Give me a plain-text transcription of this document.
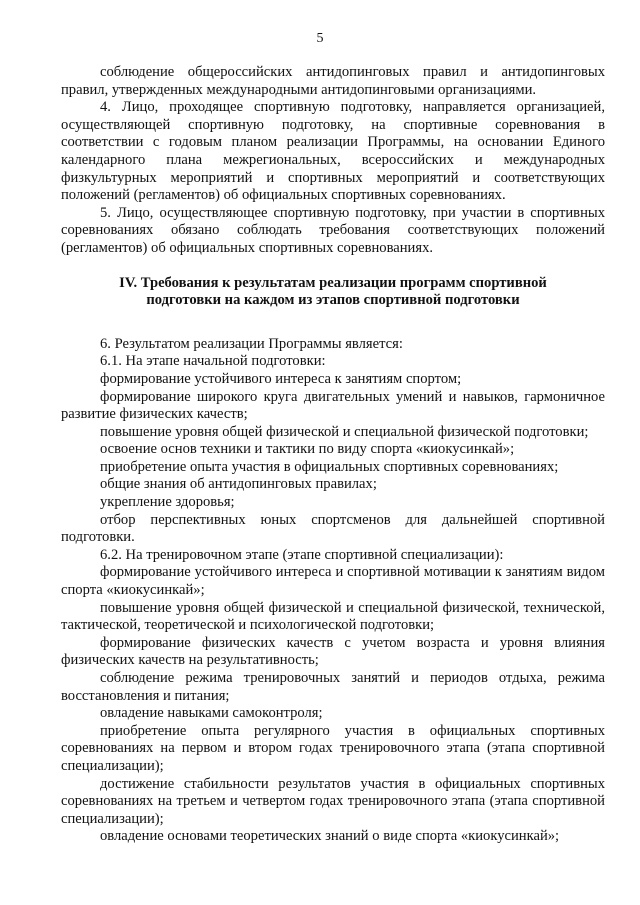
5

соблюдение общероссийских антидопинговых правил и антидопинговых правил, утвержденных международными антидопинговыми организациями.

4. Лицо, проходящее спортивную подготовку, направляется организацией, осуществляющей спортивную подготовку, на спортивные соревнования в соответствии с годовым планом реализации Программы, на основании Единого календарного плана межрегиональных, всероссийских и международных физкультурных мероприятий и спортивных мероприятий и соответствующих положений (регламентов) об официальных спортивных соревнованиях.

5. Лицо, осуществляющее спортивную подготовку, при участии в спортивных соревнованиях обязано соблюдать требования соответствующих положений (регламентов) об официальных спортивных соревнованиях.

IV. Требования к результатам реализации программ спортивной
подготовки на каждом из этапов спортивной подготовки

6. Результатом реализации Программы является:

6.1. На этапе начальной подготовки:

формирование устойчивого интереса к занятиям спортом;

формирование широкого круга двигательных умений и навыков, гармоничное развитие физических качеств;

повышение уровня общей физической и специальной физической подготовки;

освоение основ техники и тактики по виду спорта «киокусинкай»;

приобретение опыта участия в официальных спортивных соревнованиях;

общие знания об антидопинговых правилах;

укрепление здоровья;

отбор перспективных юных спортсменов для дальнейшей спортивной подготовки.

6.2. На тренировочном этапе (этапе спортивной специализации):

формирование устойчивого интереса и спортивной мотивации к занятиям видом спорта «киокусинкай»;

повышение уровня общей физической и специальной физической, технической, тактической, теоретической и психологической подготовки;

формирование физических качеств с учетом возраста и уровня влияния физических качеств на результативность;

соблюдение режима тренировочных занятий и периодов отдыха, режима восстановления и питания;

овладение навыками самоконтроля;

приобретение опыта регулярного участия в официальных спортивных соревнованиях на первом и втором годах тренировочного этапа (этапа спортивной специализации);

достижение стабильности результатов участия в официальных спортивных соревнованиях на третьем и четвертом годах тренировочного этапа (этапа спортивной специализации);

овладение основами теоретических знаний о виде спорта «киокусинкай»;
